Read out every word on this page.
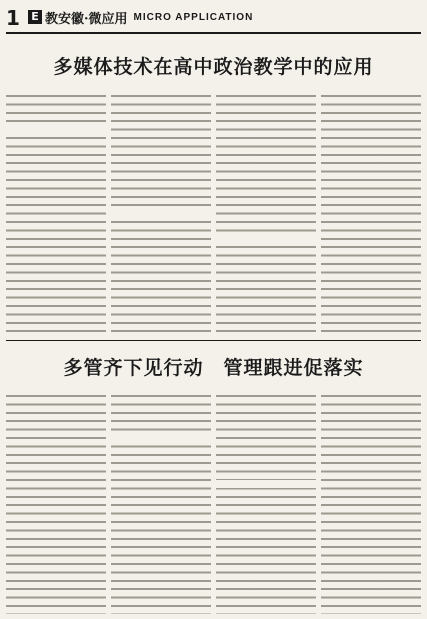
1 E 教安徽·微应用 MICRO APPLICATION
多媒体技术在高中政治教学中的应用
多管齐下见行动　管理跟进促落实
